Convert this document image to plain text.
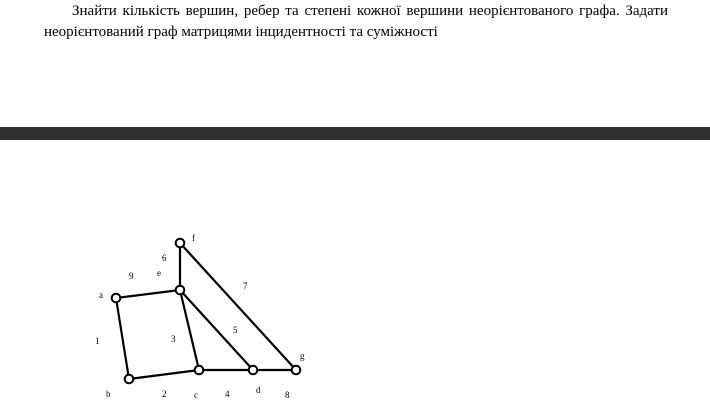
Знайти кількість вершин, ребер та степені кожної вершини неорієнтованого графа. Задати неорієнтований граф матрицями інцидентності та суміжності
1
2
3
4
5
6
7
8
9
a
b	c	d
e
f
g
